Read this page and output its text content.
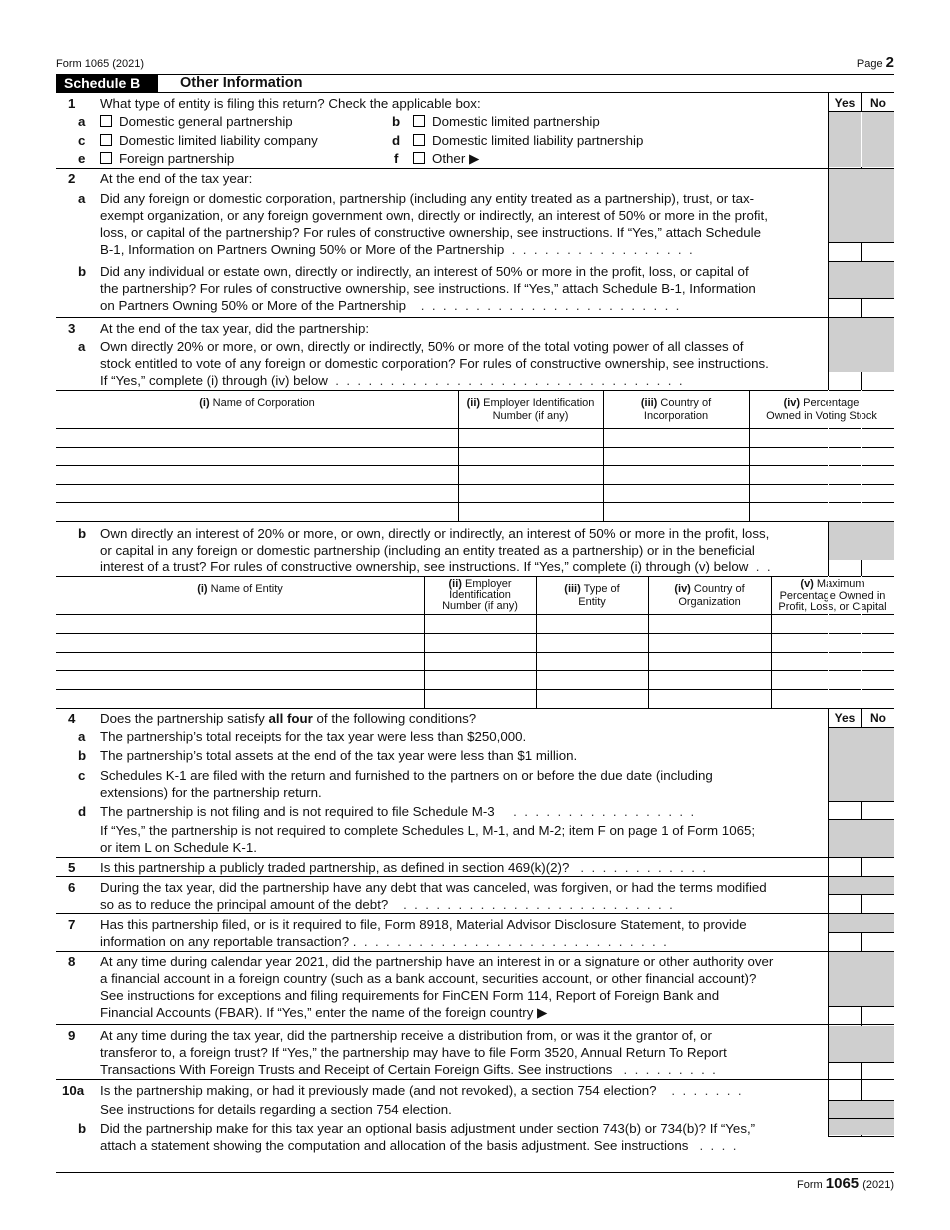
Form 1065 (2021)	Page 2
Schedule B	Other Information
Yes	No
1 What type of entity is filing this return? Check the applicable box:
a	Domestic general partnership	b Domestic limited partnership
c	Domestic limited liability company	d Domestic limited liability partnership
e	Foreign partnership	f	Other ▶
2 At the end of the tax year:
a Did any foreign or domestic corporation, partnership (including any entity treated as a partnership), trust, or tax-
exempt organization, or any foreign government own, directly or indirectly, an interest of 50% or more in the profit,
loss, or capital of the partnership? For rules of constructive ownership, see instructions. If “Yes,” attach Schedule
B-1, Information on Partners Owning 50% or More of the Partnership  .  .  .  .  .  .  .  .  .  .  .  .  .  .  .  .  .
b Did any individual or estate own, directly or indirectly, an interest of 50% or more in the profit, loss, or capital of
the partnership? For rules of constructive ownership, see instructions. If “Yes,” attach Schedule B-1, Information
on Partners Owning 50% or More of the Partnership    .  .  .  .  .  .  .  .  .  .  .  .  .  .  .  .  .  .  .  .  .  .  .  .
3 At the end of the tax year, did the partnership:
a Own directly 20% or more, or own, directly or indirectly, 50% or more of the total voting power of all classes of
stock entitled to vote of any foreign or domestic corporation? For rules of constructive ownership, see instructions.
If “Yes,” complete (i) through (iv) below  .  .  .  .  .  .  .  .  .  .  .  .  .  .  .  .  .  .  .  .  .  .  .  .  .  .  .  .  .  .  .  .
(i) Name of Corporation	(ii) Employer Identification
Number (if any)
(iii) Country of
Incorporation
(iv) Percentage
Owned in Voting Stock
b Own directly an interest of 20% or more, or own, directly or indirectly, an interest of 50% or more in the profit, loss,
or capital in any foreign or domestic partnership (including an entity treated as a partnership) or in the beneficial
interest of a trust? For rules of constructive ownership, see instructions. If “Yes,” complete (i) through (v) below  .  .
(i) Name of Entity	(ii) Employer
Identification
Number (if any)
(iii) Type of
Entity
(iv) Country of
Organization
(v) Maximum
Percentage Owned in
Profit, Loss, or Capital
4 Does the partnership satisfy all four of the following conditions?	Yes	No
a The partnership’s total receipts for the tax year were less than $250,000.
b The partnership’s total assets at the end of the tax year were less than $1 million.
c Schedules K-1 are filed with the return and furnished to the partners on or before the due date (including
extensions) for the partnership return.
d The partnership is not filing and is not required to file Schedule M-3     .  .  .  .  .  .  .  .  .  .  .  .  .  .  .  .  .
If “Yes,” the partnership is not required to complete Schedules L, M-1, and M-2; item F on page 1 of Form 1065;
or item L on Schedule K-1.
5 Is this partnership a publicly traded partnership, as defined in section 469(k)(2)?   .  .  .  .  .  .  .  .  .  .  .  .
6 During the tax year, did the partnership have any debt that was canceled, was forgiven, or had the terms modified
so as to reduce the principal amount of the debt?    .  .  .  .  .  .  .  .  .  .  .  .  .  .  .  .  .  .  .  .  .  .  .  .  .
7 Has this partnership filed, or is it required to file, Form 8918, Material Advisor Disclosure Statement, to provide
information on any reportable transaction? .  .  .  .  .  .  .  .  .  .  .  .  .  .  .  .  .  .  .  .  .  .  .  .  .  .  .  .  .
8 At any time during calendar year 2021, did the partnership have an interest in or a signature or other authority over
a financial account in a foreign country (such as a bank account, securities account, or other financial account)?
See instructions for exceptions and filing requirements for FinCEN Form 114, Report of Foreign Bank and
Financial Accounts (FBAR). If “Yes,” enter the name of the foreign country ▶
9 At any time during the tax year, did the partnership receive a distribution from, or was it the grantor of, or
transferor to, a foreign trust? If “Yes,” the partnership may have to file Form 3520, Annual Return To Report
Transactions With Foreign Trusts and Receipt of Certain Foreign Gifts. See instructions   .  .  .  .  .  .  .  .  .
10a Is the partnership making, or had it previously made (and not revoked), a section 754 election?    .  .  .  .  .  .  .
See instructions for details regarding a section 754 election.
b Did the partnership make for this tax year an optional basis adjustment under section 743(b) or 734(b)? If “Yes,”
attach a statement showing the computation and allocation of the basis adjustment. See instructions   .  .  .  .
Form 1065 (2021)
